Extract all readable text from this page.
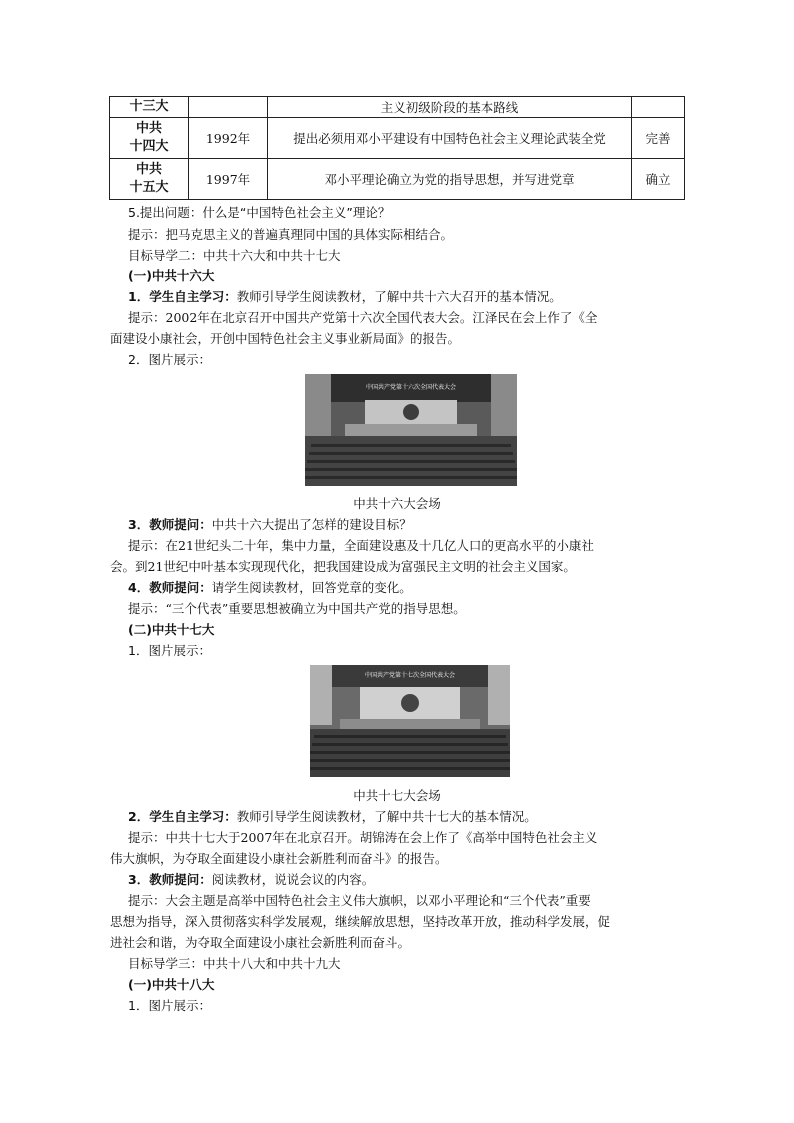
十三大		主义初级阶段的基本路线	
中共
十四大	1992年	提出必须用邓小平建设有中国特色社会主义理论武装全党	完善
中共
十五大	1997年	邓小平理论确立为党的指导思想，并写进党章	确立
5.提出问题：什么是“中国特色社会主义”理论？
提示：把马克思主义的普遍真理同中国的具体实际相结合。
目标导学二：中共十六大和中共十七大
(一)中共十六大
1．学生自主学习：教师引导学生阅读教材，了解中共十六大召开的基本情况。
提示：2002年在北京召开中国共产党第十六次全国代表大会。江泽民在会上作了《全
面建设小康社会，开创中国特色社会主义事业新局面》的报告。
2．图片展示：
中国共产党第十六次全国代表大会
中共十六大会场
3．教师提问：中共十六大提出了怎样的建设目标？
提示：在21世纪头二十年，集中力量，全面建设惠及十几亿人口的更高水平的小康社
会。到21世纪中叶基本实现现代化，把我国建设成为富强民主文明的社会主义国家。
4．教师提问：请学生阅读教材，回答党章的变化。
提示：“三个代表”重要思想被确立为中国共产党的指导思想。
(二)中共十七大
1．图片展示：
中国共产党第十七次全国代表大会
中共十七大会场
2．学生自主学习：教师引导学生阅读教材，了解中共十七大的基本情况。
提示：中共十七大于2007年在北京召开。胡锦涛在会上作了《高举中国特色社会主义
伟大旗帜，为夺取全面建设小康社会新胜利而奋斗》的报告。
3．教师提问：阅读教材，说说会议的内容。
提示：大会主题是高举中国特色社会主义伟大旗帜，以邓小平理论和“三个代表”重要
思想为指导，深入贯彻落实科学发展观，继续解放思想，坚持改革开放，推动科学发展，促
进社会和谐，为夺取全面建设小康社会新胜利而奋斗。
目标导学三：中共十八大和中共十九大
(一)中共十八大
1．图片展示：
